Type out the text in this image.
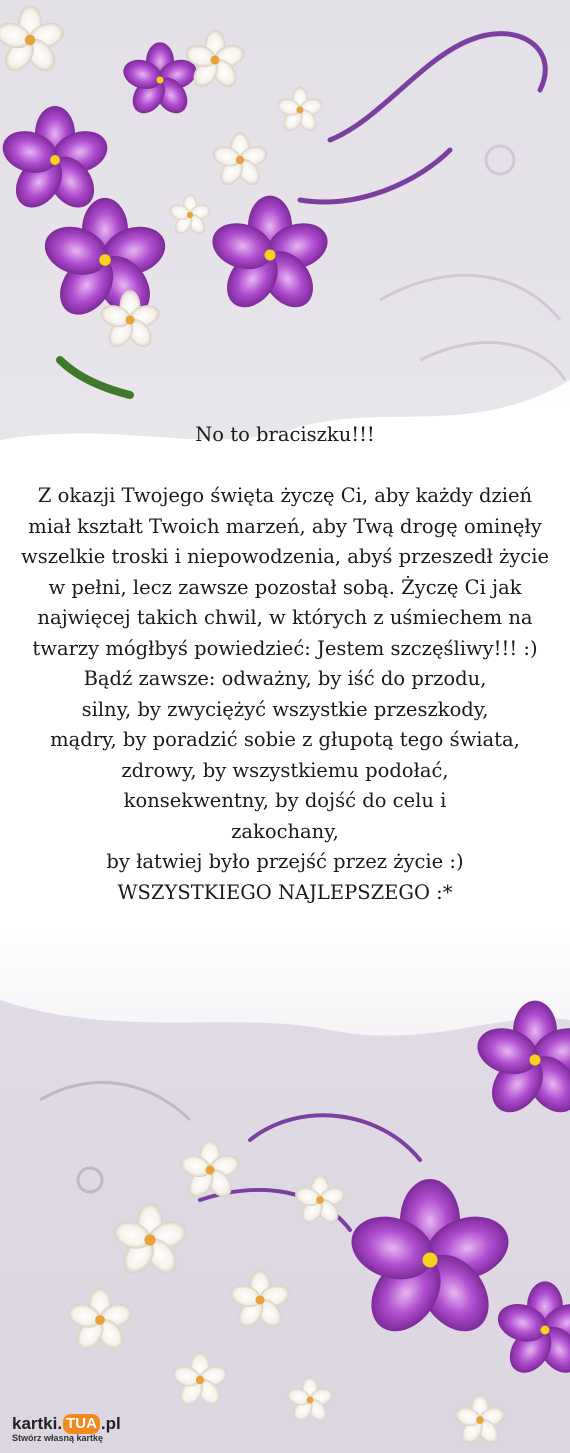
No to braciszku!!!

Z okazji Twojego święta życzę Ci, aby każdy dzień

miał kształt Twoich marzeń, aby Twą drogę ominęły

wszelkie troski i niepowodzenia, abyś przeszedł życie

w pełni, lecz zawsze pozostał sobą. Życzę Ci jak

najwięcej takich chwil, w których z uśmiechem na

twarzy mógłbyś powiedzieć: Jestem szczęśliwy!!! :)

Bądź zawsze: odważny, by iść do przodu,

silny, by zwyciężyć wszystkie przeszkody,

mądry, by poradzić sobie z głupotą tego świata,

zdrowy, by wszystkiemu podołać,

konsekwentny, by dojść do celu i

zakochany,

by łatwiej było przejść przez życie :)

WSZYSTKIEGO NAJLEPSZEGO :*

kartki. TUA .pl
Stwórz własną kartkę
